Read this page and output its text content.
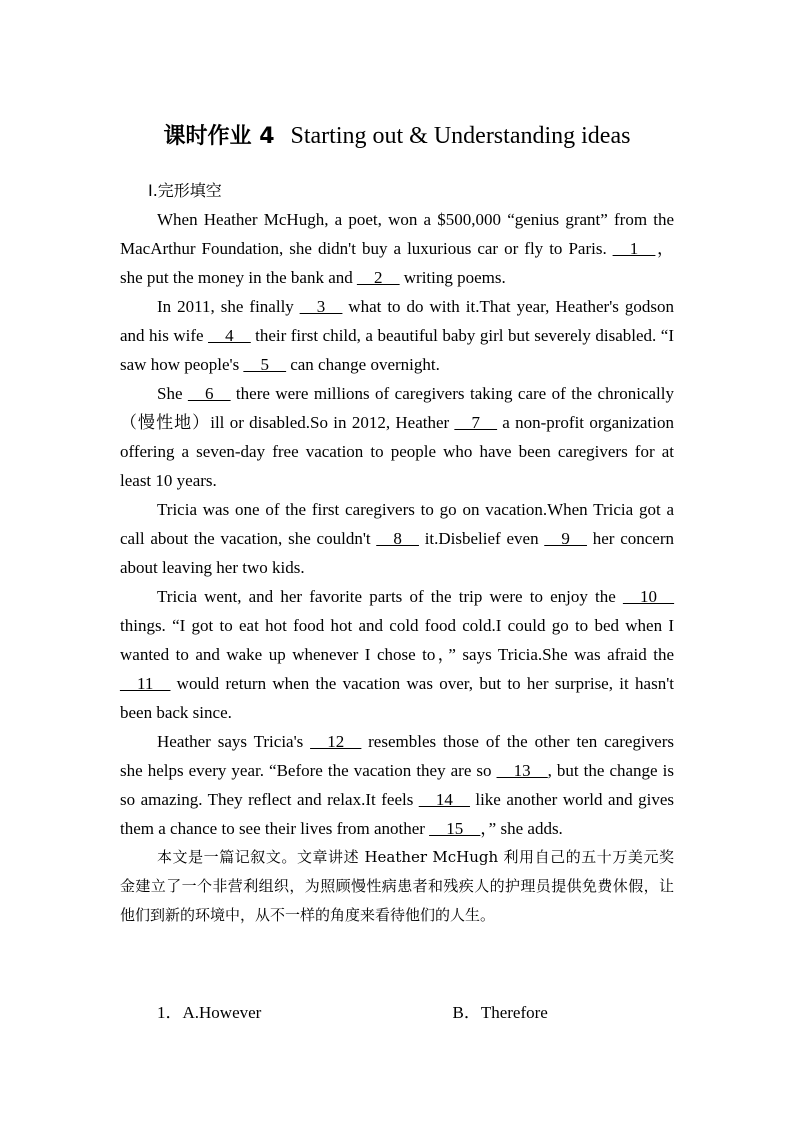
课时作业 4 Starting out & Understanding ideas
Ⅰ.完形填空

When Heather McHugh, a poet, won a $500,000 “genius grant” from the MacArthur Foundation, she didn't buy a luxurious car or fly to Paris. __1__， she put the money in the bank and __2__ writing poems.

In 2011, she finally __3__ what to do with it.That year, Heather's godson and his wife __4__ their first child, a beautiful baby girl but severely disabled. “I saw how people's __5__ can change overnight.

She __6__ there were millions of caregivers taking care of the chronically（慢性地）ill or disabled.So in 2012, Heather __7__ a non-profit organization offering a seven-day free vacation to people who have been caregivers for at least 10 years.

Tricia was one of the first caregivers to go on vacation.When Tricia got a call about the vacation, she couldn't __8__ it.Disbelief even __9__ her concern about leaving her two kids.

Tricia went, and her favorite parts of the trip were to enjoy the __10__ things. “I got to eat hot food hot and cold food cold.I could go to bed when I wanted to and wake up whenever I chose to，” says Tricia.She was afraid the __11__ would return when the vacation was over, but to her surprise, it hasn't been back since.

Heather says Tricia's __12__ resembles those of the other ten caregivers she helps every year. “Before the vacation they are so __13__, but the change is so amazing. They reflect and relax.It feels __14__ like another world and gives them a chance to see their lives from another __15__，” she adds.

本文是一篇记叙文。文章讲述 Heather McHugh 利用自己的五十万美元奖金建立了一个非营利组织，为照顾慢性病患者和残疾人的护理员提供免费休假，让他们到新的环境中，从不一样的角度来看待他们的人生。

1．A.However	B．Therefore
